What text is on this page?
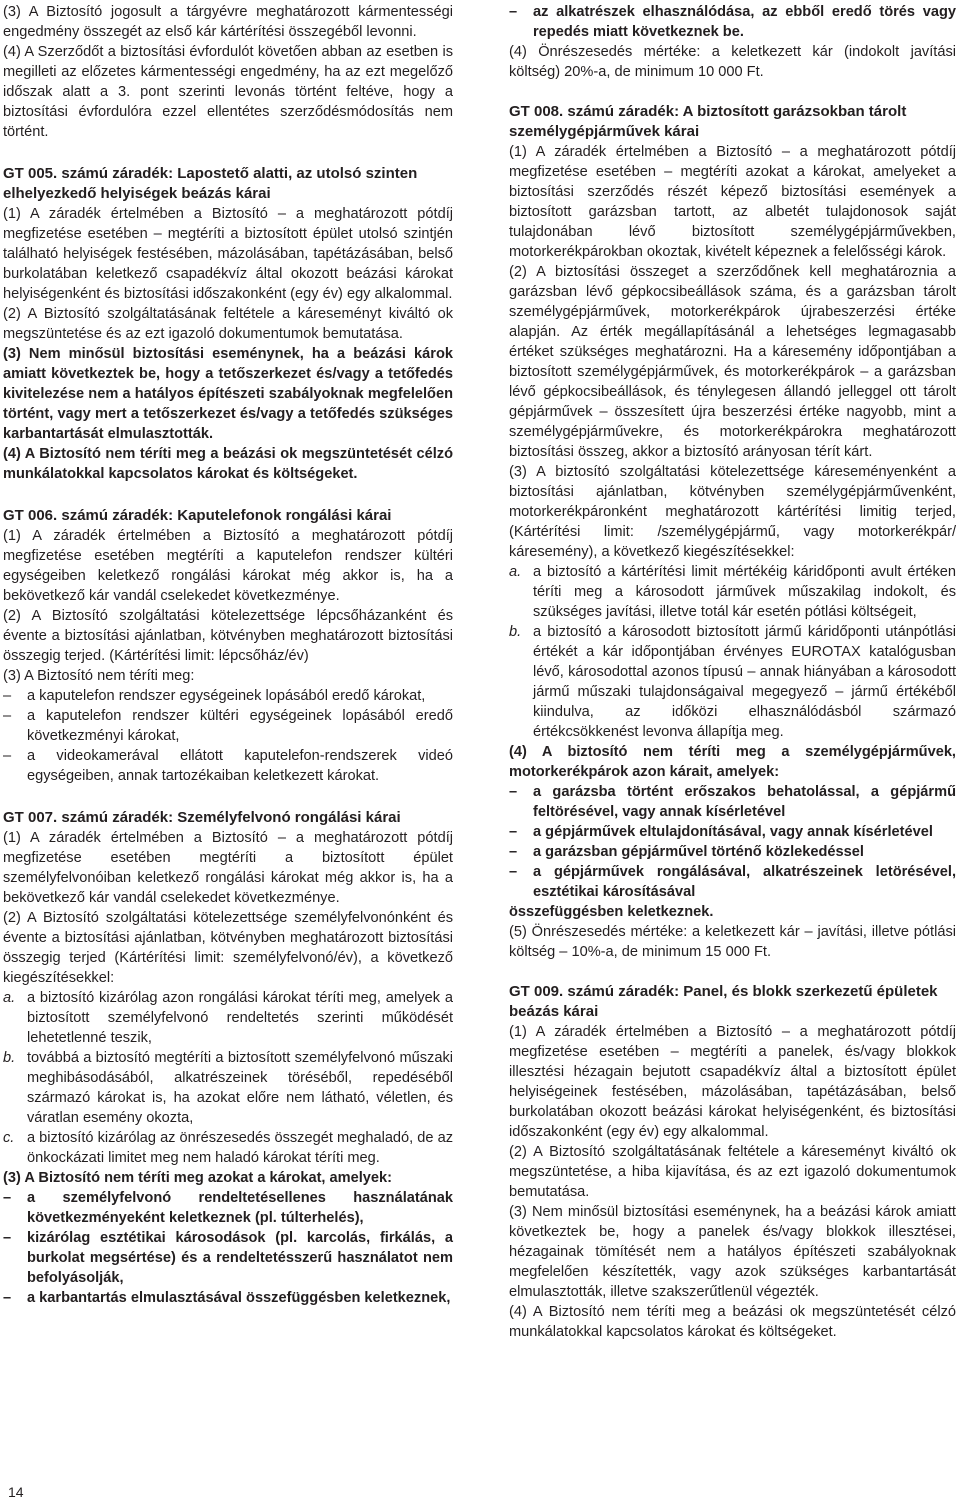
(3) A Biztosító jogosult a tárgyévre meghatározott kármentességi engedmény összegét az első kár kártérítési összegéből levonni.
(4) A Szerződőt a biztosítási évfordulót követően abban az esetben is megilleti az előzetes kármentességi engedmény, ha az ezt megelőző időszak alatt a 3. pont szerinti levonás történt feltéve, hogy a biztosítási évfordulóra ezzel ellentétes szerződésmódosítás nem történt.
GT 005. számú záradék: Lapostető alatti, az utolsó szinten elhelyezkedő helyiségek beázás kárai
(1) A záradék értelmében a Biztosító – a meghatározott pótdíj megfizetése esetében – megtéríti a biztosított épület utolsó szintjén található helyiségek festésében, mázolásában, tapétázásában, belső burkolatában keletkező csapadékvíz által okozott beázási károkat helyiségenként és biztosítási időszakonként (egy év) egy alkalommal.
(2) A Biztosító szolgáltatásának feltétele a káreseményt kiváltó ok megszüntetése és az ezt igazoló dokumentumok bemutatása.
(3) Nem minősül biztosítási eseménynek, ha a beázási károk amiatt következtek be, hogy a tetőszerkezet és/vagy a tetőfedés kivitelezése nem a hatályos építészeti szabályoknak megfelelően történt, vagy mert a tetőszerkezet és/vagy a tetőfedés szükséges karbantartását elmulasztották.
(4) A Biztosító nem téríti meg a beázási ok megszüntetését célzó munkálatokkal kapcsolatos károkat és költségeket.
GT 006. számú záradék: Kaputelefonok rongálási kárai
(1) A záradék értelmében a Biztosító a meghatározott pótdíj megfizetése esetében megtéríti a kaputelefon rendszer kültéri egységeiben keletkező rongálási károkat még akkor is, ha a bekövetkező kár vandál cselekedet következménye.
(2) A Biztosító szolgáltatási kötelezettsége lépcsőházanként és évente a biztosítási ajánlatban, kötvényben meghatározott biztosítási összegig terjed. (Kártérítési limit: lépcsőház/év)
(3) A Biztosító nem téríti meg:
–	a kaputelefon rendszer egységeinek lopásából eredő károkat,
–	a kaputelefon rendszer kültéri egységeinek lopásából eredő következményi károkat,
–	a videokamerával ellátott kaputelefon-rendszerek videó egységeiben, annak tartozékaiban keletkezett károkat.
GT 007. számú záradék: Személyfelvonó rongálási kárai
(1) A záradék értelmében a Biztosító – a meghatározott pótdíj megfizetése esetében megtéríti a biztosított épület személyfelvonóiban keletkező rongálási károkat még akkor is, ha a bekövetkező kár vandál cselekedet következménye.
(2) A Biztosító szolgáltatási kötelezettsége személyfelvonónként és évente a biztosítási ajánlatban, kötvényben meghatározott biztosítási összegig terjed (Kártérítési limit: személyfelvonó/év), a következő kiegészítésekkel:
a. a biztosító kizárólag azon rongálási károkat téríti meg, amelyek a biztosított személyfelvonó rendeltetés szerinti működését lehetetlenné teszik,
b. továbbá a biztosító megtéríti a biztosított személyfelvonó műszaki meghibásodásából, alkatrészeinek töréséből, repedéséből származó károkat is, ha azokat előre nem látható, véletlen, és váratlan esemény okozta,
c. a biztosító kizárólag az önrészesedés összegét meghaladó, de az önkockázati limitet meg nem haladó károkat téríti meg.
(3) A Biztosító nem téríti meg azokat a károkat, amelyek:
–	a személyfelvonó rendeltetésellenes használatának következményeként keletkeznek (pl. túlterhelés),
–	kizárólag esztétikai károsodások (pl. karcolás, firkálás, a burkolat megsértése) és a rendeltetésszerű használatot nem befolyásolják,
–	a karbantartás elmulasztásával összefüggésben keletkeznek,
–	az alkatrészek elhasználódása, az ebből eredő törés vagy repedés miatt következnek be.
(4) Önrészesedés mértéke: a keletkezett kár (indokolt javítási költség) 20%-a, de minimum 10 000 Ft.
GT 008. számú záradék: A biztosított garázsokban tárolt személygépjárművek kárai
(1) A záradék értelmében a Biztosító – a meghatározott pótdíj megfizetése esetében – megtéríti azokat a károkat, amelyeket a biztosítási szerződés részét képező biztosítási események a biztosított garázsban tartott, az albetét tulajdonosok saját tulajdonában lévő biztosított személygépjárművekben, motorkerékpárokban okoztak, kivételt képeznek a felelősségi károk.
(2) A biztosítási összeget a szerződőnek kell meghatároznia a garázsban lévő gépkocsibeállások száma, és a garázsban tárolt személygépjárművek, motorkerékpárok újrabeszerzési értéke alapján. Az érték megállapításánál a lehetséges legmagasabb értéket szükséges meghatározni. Ha a káresemény időpontjában a biztosított személygépjárművek, és motorkerékpárok – a garázsban lévő gépkocsibeállások, és ténylegesen állandó jelleggel ott tárolt gépjárművek – összesített újra beszerzési értéke nagyobb, mint a személygépjárművekre, és motorkerékpárokra meghatározott biztosítási összeg, akkor a biztosító arányosan térít kárt.
(3) A biztosító szolgáltatási kötelezettsége káreseményenként a biztosítási ajánlatban, kötvényben személygépjárművenként, motorkerékpáronként meghatározott kártérítési limitig terjed, (Kártérítési limit: /személygépjármű, vagy motorkerékpár/ káresemény), a következő kiegészítésekkel:
a. a biztosító a kártérítési limit mértékéig káridőponti avult értéken téríti meg a károsodott járművek műszakilag indokolt, és szükséges javítási, illetve totál kár esetén pótlási költségeit,
b. a biztosító a károsodott biztosított jármű káridőponti utánpótlási értékét a kár időpontjában érvényes EUROTAX katalógusban lévő, károsodottal azonos típusú – annak hiányában a károsodott jármű műszaki tulajdonságaival megegyező – jármű értékéből kiindulva, az időközi elhasználódásból származó értékcsökkenést levonva állapítja meg.
(4) A biztosító nem téríti meg a személygépjárművek, motorkerékpárok azon kárait, amelyek:
–	a garázsba történt erőszakos behatolással, a gépjármű feltörésével, vagy annak kísérletével
–	a gépjárművek eltulajdonításával, vagy annak kísérletével
–	a garázsban gépjárművel történő közlekedéssel
–	a gépjárművek rongálásával, alkatrészeinek letörésével, esztétikai károsításával
összefüggésben keletkeznek.
(5) Önrészesedés mértéke: a keletkezett kár – javítási, illetve pótlási költség – 10%-a, de minimum 15 000 Ft.
GT 009. számú záradék: Panel, és blokk szerkezetű épületek beázás kárai
(1) A záradék értelmében a Biztosító – a meghatározott pótdíj megfizetése esetében – megtéríti a panelek, és/vagy blokkok illesztési hézagain bejutott csapadékvíz által a biztosított épület helyiségeinek festésében, mázolásában, tapétázásában, belső burkolatában okozott beázási károkat helyiségenként, és biztosítási időszakonként (egy év) egy alkalommal.
(2) A Biztosító szolgáltatásának feltétele a káreseményt kiváltó ok megszüntetése, a hiba kijavítása, és az ezt igazoló dokumentumok bemutatása.
(3) Nem minősül biztosítási eseménynek, ha a beázási károk amiatt következtek be, hogy a panelek és/vagy blokkok illesztései, hézagainak tömítését nem a hatályos építészeti szabályoknak megfelelően készítették, vagy azok szükséges karbantartását elmulasztották, illetve szakszerűtlenül végezték.
(4) A Biztosító nem téríti meg a beázási ok megszüntetését célzó munkálatokkal kapcsolatos károkat és költségeket.
14
